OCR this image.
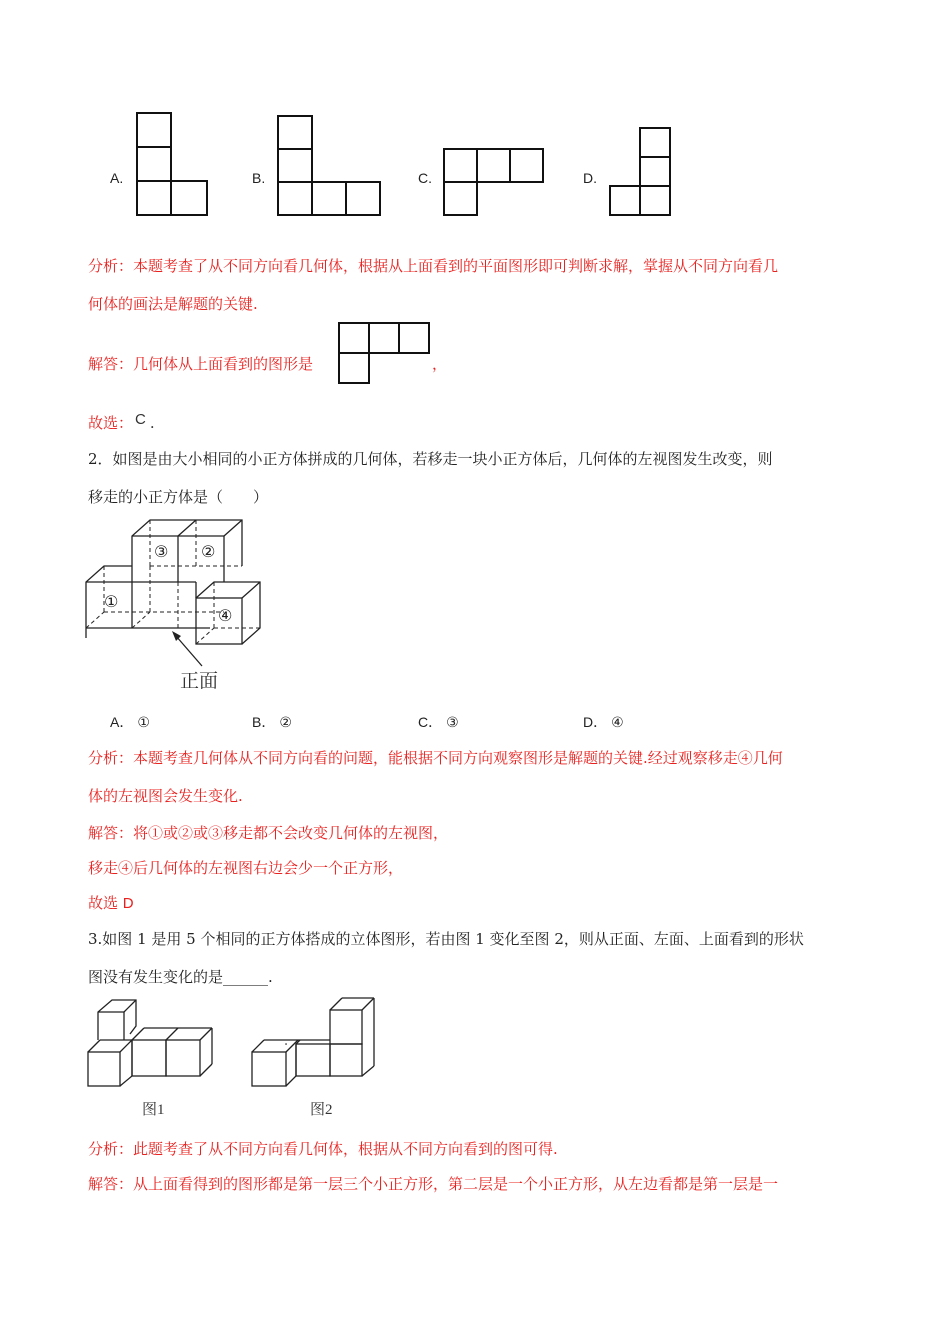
A.	B.	C.	D.
分析：本题考查了从不同方向看几何体，根据从上面看到的平面图形即可判断求解，掌握从不同方向看几
何体的画法是解题的关键.
解答：几何体从上面看到的图形是	，
故选： C .
2．如图是由大小相同的小正方体拼成的几何体，若移走一块小正方体后，几何体的左视图发生改变，则
移走的小正方体是（　　）
①
②
③
④
正面
A． ①	B． ②	C． ③	D． ④
分析：本题考查几何体从不同方向看的问题，能根据不同方向观察图形是解题的关键.经过观察移走④几何
体的左视图会发生变化.
解答：将①或②或③移走都不会改变几何体的左视图，
移走④后几何体的左视图右边会少一个正方形，
故选 D
3.如图 1 是用 5 个相同的正方体搭成的立体图形，若由图 1 变化至图 2，则从正面、左面、上面看到的形状
图没有发生变化的是______.
图1	图2
分析：此题考查了从不同方向看几何体，根据从不同方向看到的图可得.
解答：从上面看得到的图形都是第一层三个小正方形，第二层是一个小正方形，从左边看都是第一层是一
